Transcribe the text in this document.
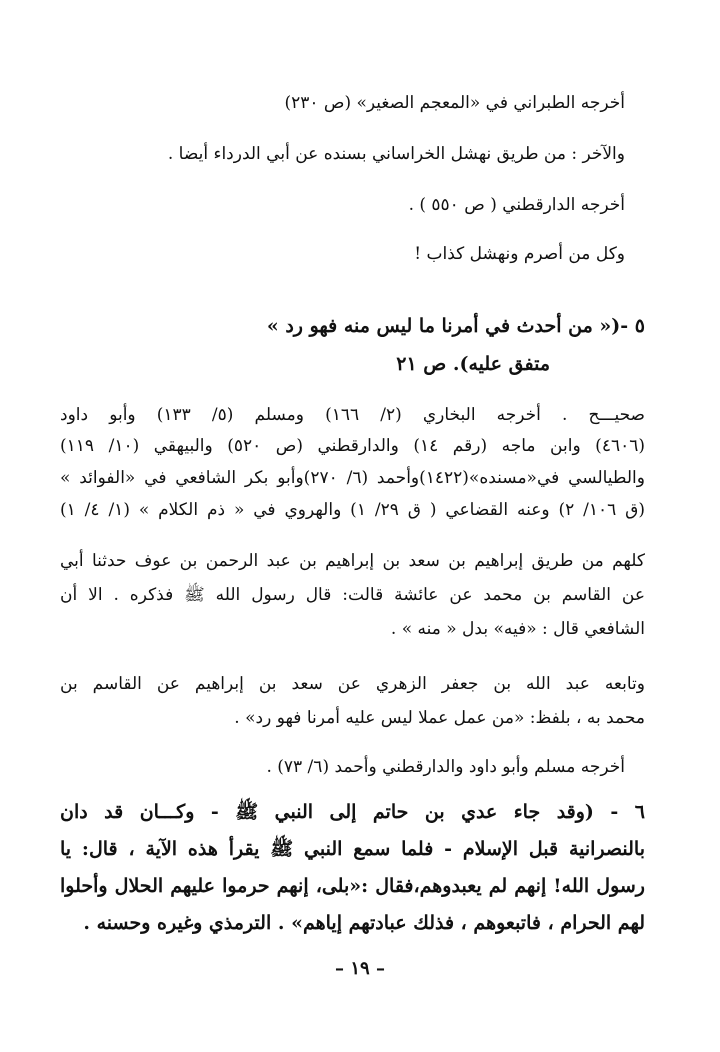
أخرجه الطبراني في «المعجم الصغير» (ص ٢٣٠)
والآخر : من طريق نهشل الخراساني بسنده عن أبي الدرداء أيضا .
أخرجه الدارقطني ( ص ٥٥٠ ) .
وكل من أصرم ونهشل كذاب !
٥ -(« من أحدث في أمرنا ما ليس منه فهو رد »
متفق عليه). ص ٢١
صحيـــح . أخرجه البخاري (٢/ ١٦٦) ومسلم (٥/ ١٣٣) وأبو داود
(٤٦٠٦) وابن ماجه (رقم ١٤) والدارقطني (ص ٥٢٠) والبيهقي (١٠/ ١١٩)
والطيالسي في«مسنده»(١٤٢٢)وأحمد (٦/ ٢٧٠)وأبو بكر الشافعي في «الفوائد »
(ق ١٠٦/ ٢) وعنه القضاعي ( ق ٢٩/ ١) والهروي في « ذم الكلام » (١/ ٤/ ١)
كلهم من طريق إبراهيم بن سعد بن إبراهيم بن عبد الرحمن بن عوف حدثنا أبي
عن القاسم بن محمد عن عائشة قالت: قال رسول الله ﷺ فذكره . الا أن
الشافعي قال : «فيه» بدل « منه » .
وتابعه عبد الله بن جعفر الزهري عن سعد بن إبراهيم عن القاسم بن
محمد به ، بلفظ: «من عمل عملا ليس عليه أمرنا فهو رد» .
أخرجه مسلم وأبو داود والدارقطني وأحمد (٦/ ٧٣) .
٦ - (وقد جاء عدي بن حاتم إلى النبي ﷺ - وكـــان قد دان
بالنصرانية قبل الإسلام - فلما سمع النبي ﷺ يقرأ هذه الآية ، قال: يا
رسول الله! إنهم لم يعبدوهم،فقال :«بلى، إنهم حرموا عليهم الحلال وأحلوا
لهم الحرام ، فاتبعوهم ، فذلك عبادتهم إياهم» . الترمذي وغيره وحسنه .
– ١٩ –
